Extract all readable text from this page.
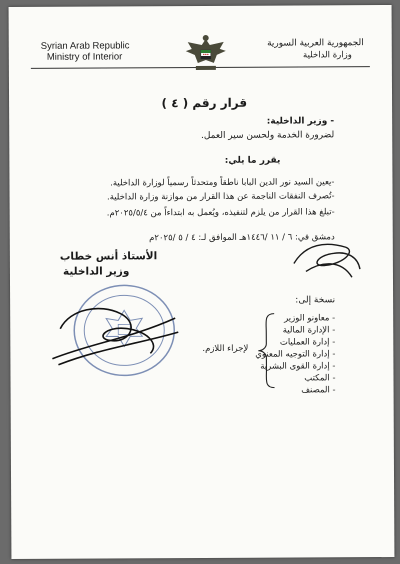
Syrian Arab Republic
Ministry of Interior
الجمهورية العربية السورية
وزارة الداخلية
قرار رقم ( ٤ )
- وزير الداخلية:
لضرورة الخدمة ولحسن سير العمل.
يقرر ما يلي:
-يعين السيد نور الدين البابا ناطقاً ومتحدثاً رسمياً لوزارة الداخلية.
-تُصرف النفقات الناجمة عن هذا القرار من موازنة وزارة الداخلية.
-تبلغ هذا القرار من يلزم لتنفيذه، ويُعمل به ابتداءاً من ٢٠٢٥/٥/٤م.
دمشق في: ٦ / ١١ /١٤٤٦هـ الموافق لـ: ٤ / ٥ /٢٠٢٥م
الأستاذ أنس خطاب
وزير الداخلية
نسخة إلى:
- معاونو الوزير
- الإدارة المالية
- إدارة العمليات
- إدارة التوجيه المعنوي
- إدارة القوى البشرية
- المكتب
- المصنف
لإجراء اللازم.
